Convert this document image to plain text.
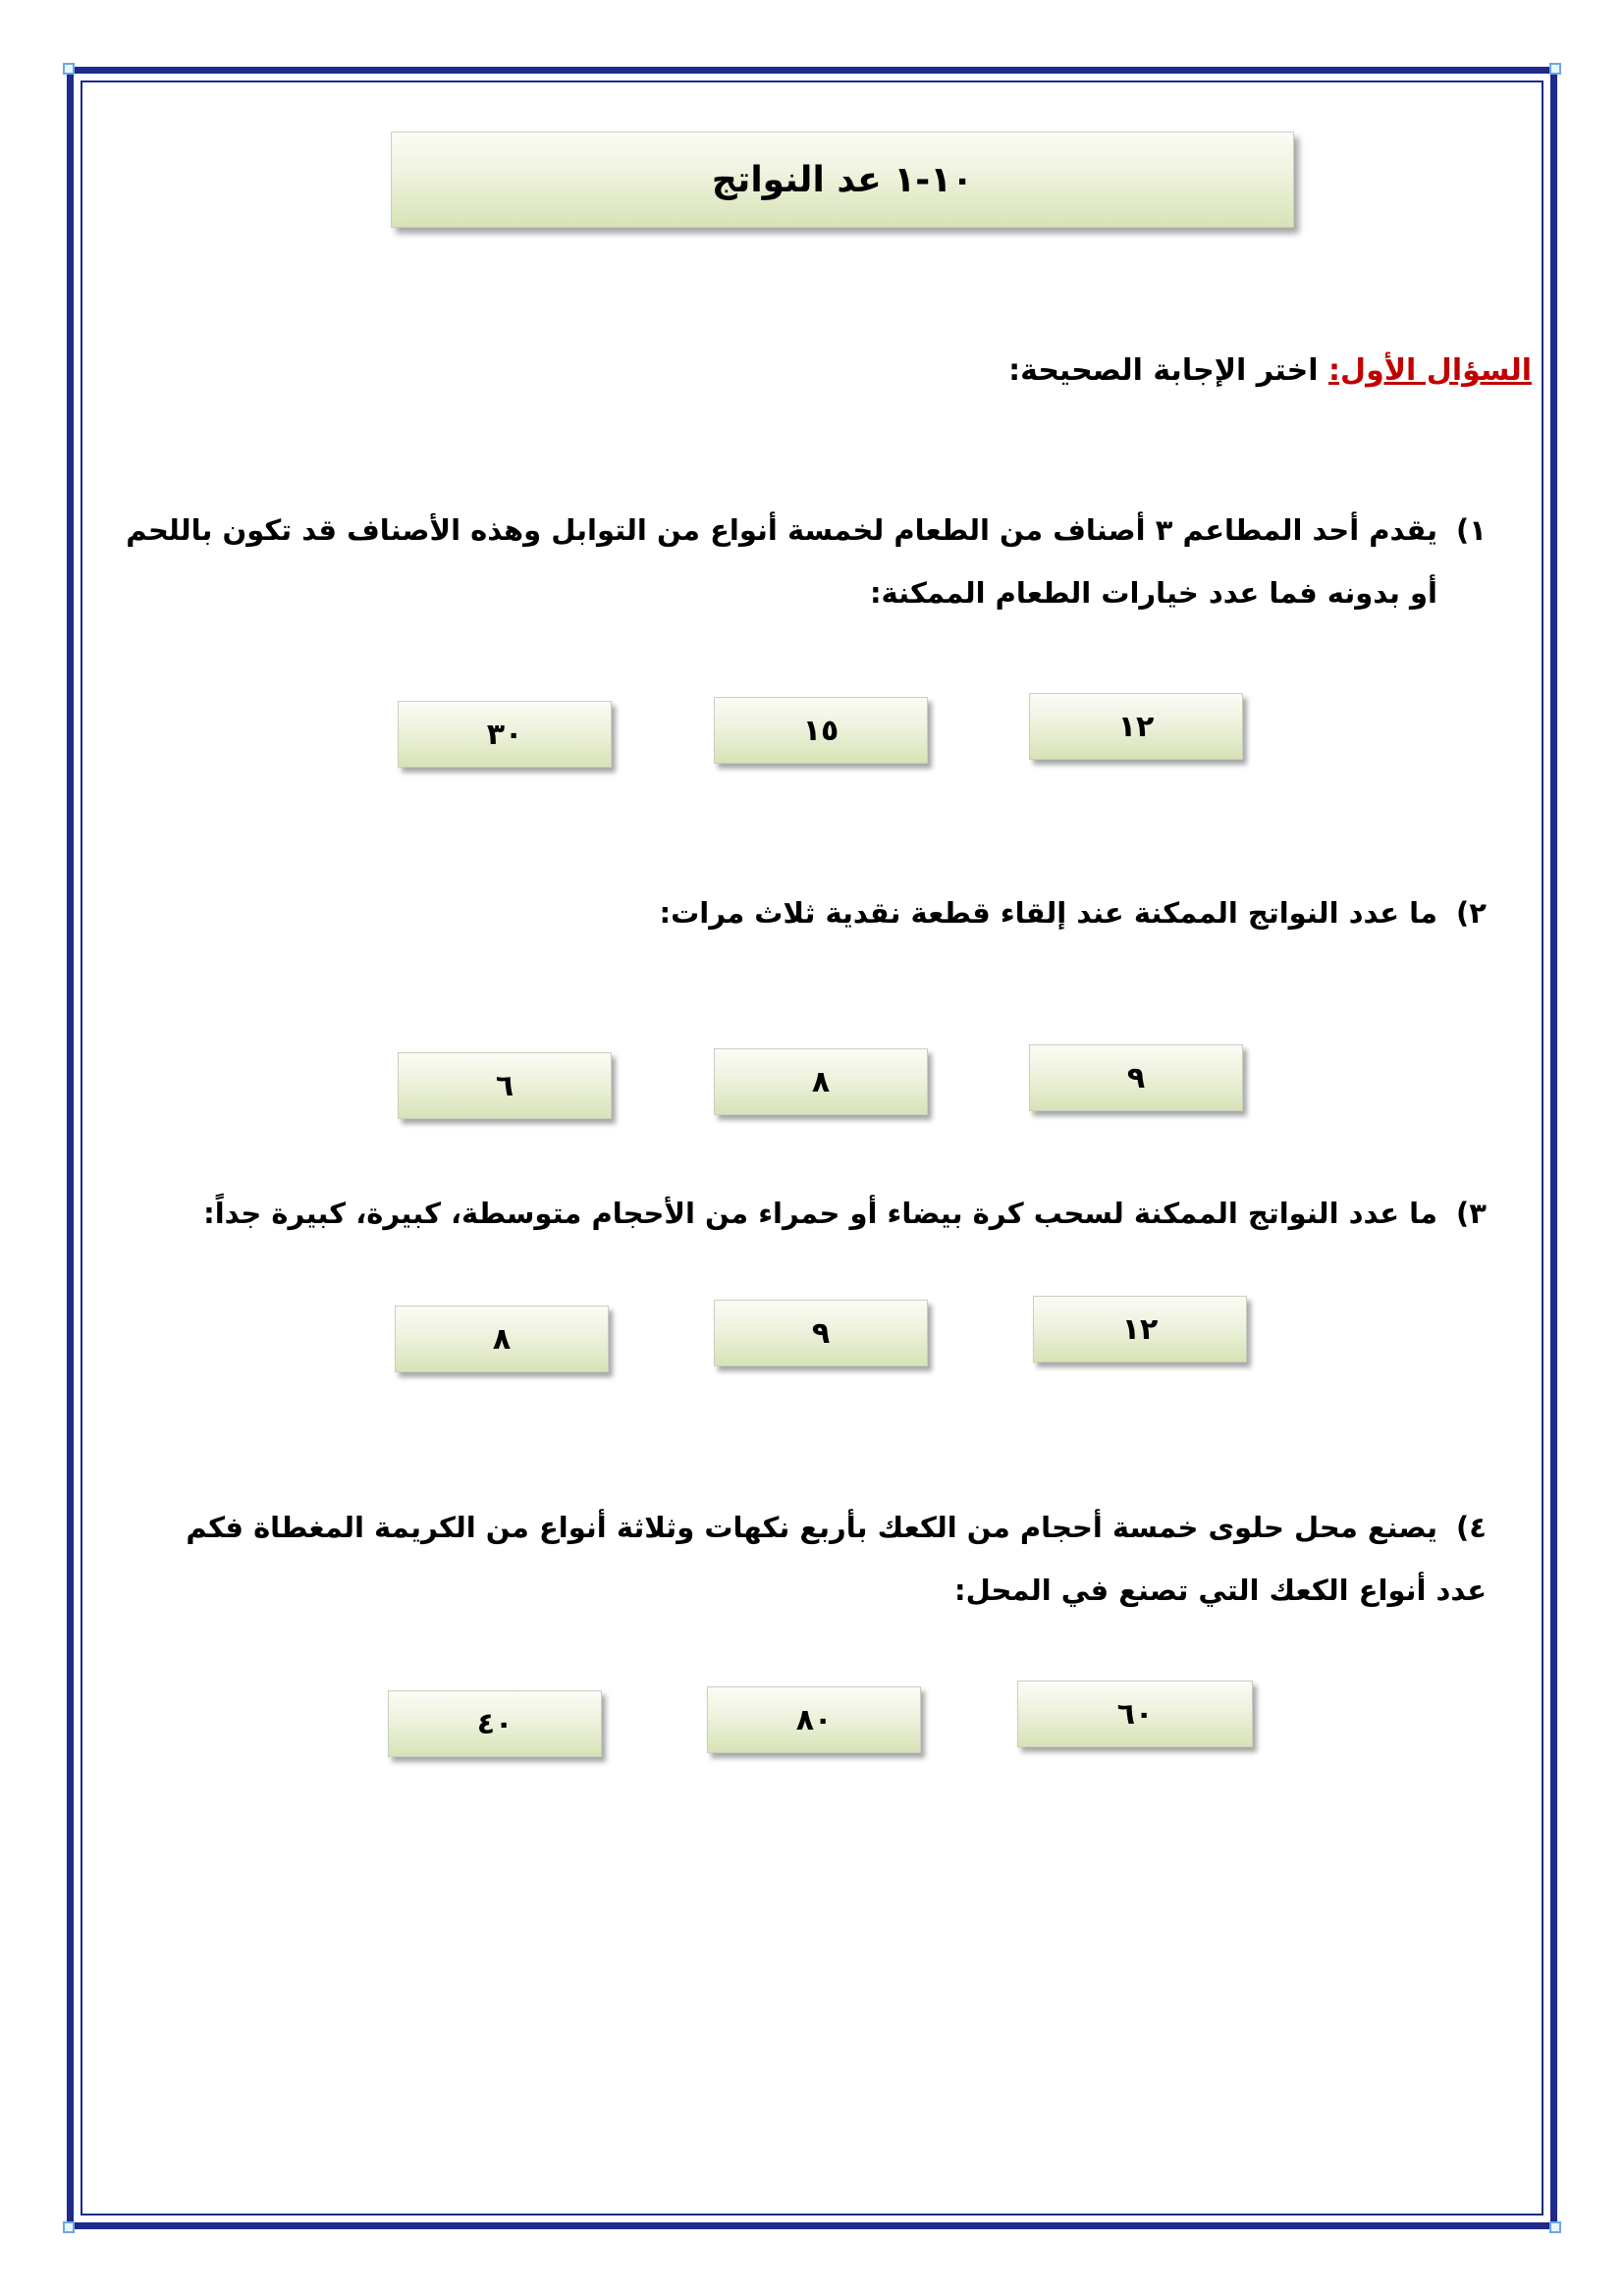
١٠-١ عد النواتج
السؤال الأول: اختر الإجابة الصحيحة:
١)يقدم أحد المطاعم ٣ أصناف من الطعام لخمسة أنواع من التوابل وهذه الأصناف قد تكون باللحم
أو بدونه فما عدد خيارات الطعام الممكنة:
١٢
١٥
٣٠
٢)ما عدد النواتج الممكنة عند إلقاء قطعة نقدية ثلاث مرات:
٩
٨
٦
٣)ما عدد النواتج الممكنة لسحب كرة بيضاء أو حمراء من الأحجام متوسطة، كبيرة، كبيرة جداً:
١٢
٩
٨
٤)يصنع محل حلوى خمسة أحجام من الكعك بأربع نكهات وثلاثة أنواع من الكريمة المغطاة فكم
عدد أنواع الكعك التي تصنع في المحل:
٦٠
٨٠
٤٠
